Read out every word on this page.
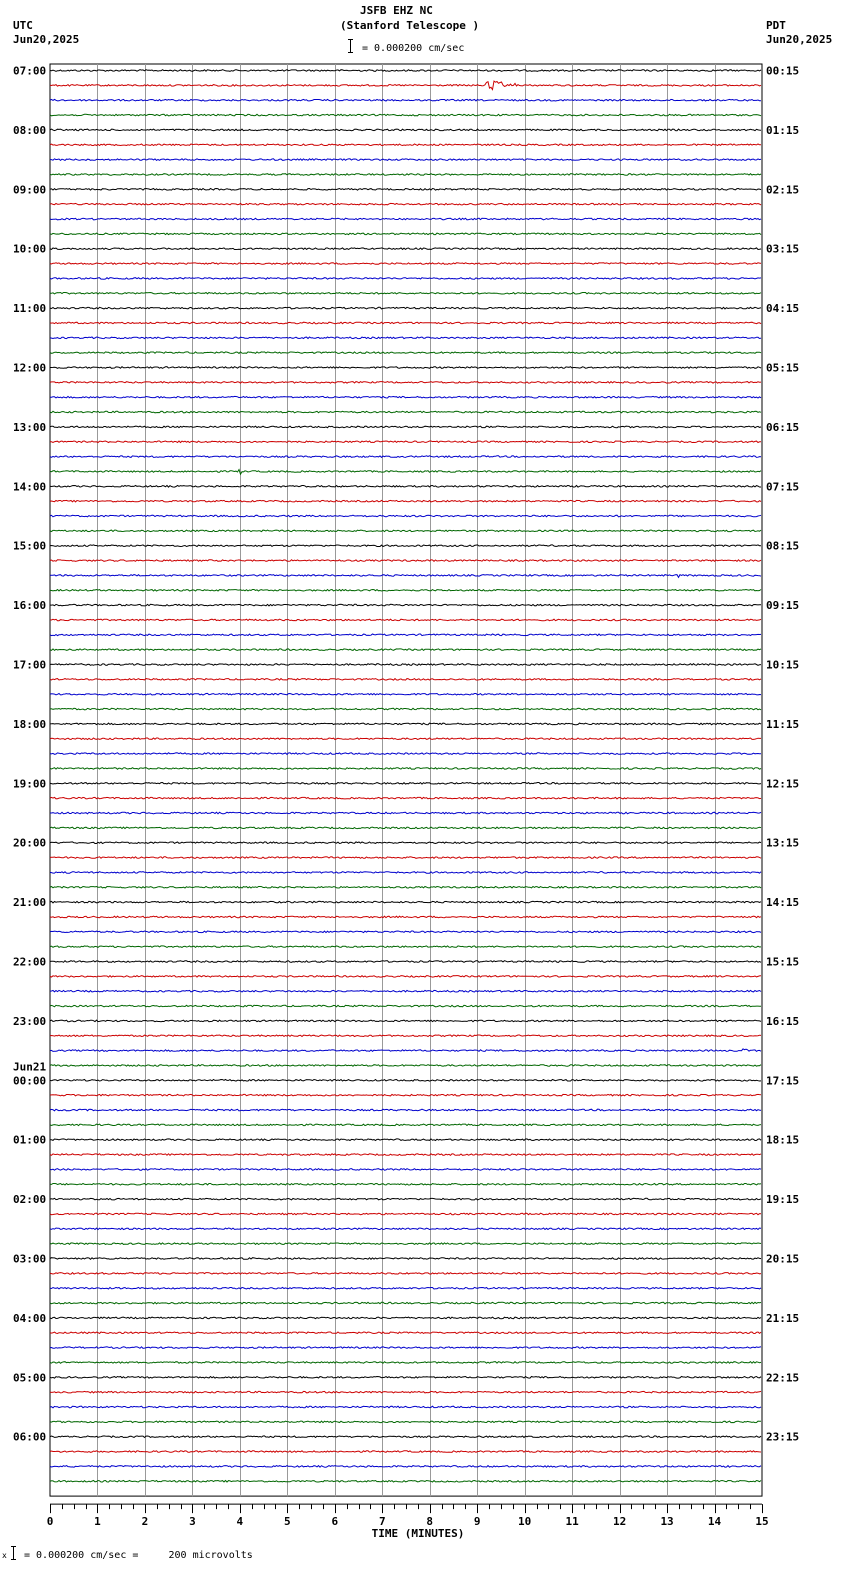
JSFB EHZ NC
(Stanford Telescope )

= 0.000200 cm/sec
UTC
Jun20,2025
PDT
Jun20,2025
07:00	00:15
08:00	01:15
09:00	02:15
10:00	03:15
11:00	04:15
12:00	05:15
13:00	06:15
14:00	07:15
15:00	08:15
16:00	09:15
17:00	10:15
18:00	11:15
19:00	12:15
20:00	13:15
21:00	14:15
22:00	15:15
23:00	16:15
00:00	17:15
01:00	18:15
02:00	19:15
03:00	20:15
04:00	21:15
05:00	22:15
06:00	23:15
Jun21
0	1	2	3	4	5	6	7	8	9	10	11	12	13	14	15
TIME (MINUTES)
x

= 0.000200 cm/sec =     200 microvolts
